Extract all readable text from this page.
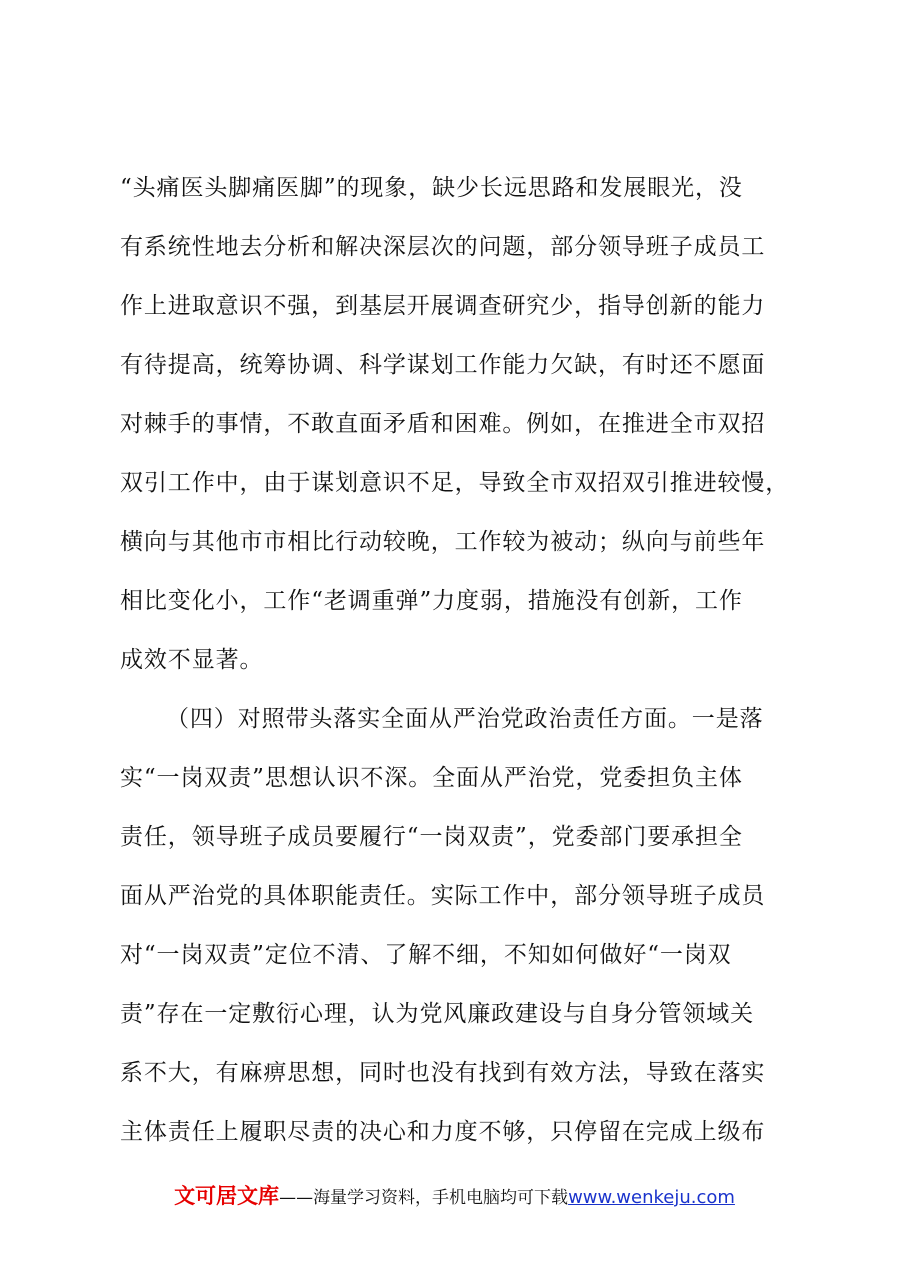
“头痛医头脚痛医脚”的现象，缺少长远思路和发展眼光，没
有系统性地去分析和解决深层次的问题，部分领导班子成员工
作上进取意识不强，到基层开展调查研究少，指导创新的能力
有待提高，统筹协调、科学谋划工作能力欠缺，有时还不愿面
对棘手的事情，不敢直面矛盾和困难。例如，在推进全市双招
双引工作中，由于谋划意识不足，导致全市双招双引推进较慢，
横向与其他市市相比行动较晚，工作较为被动；纵向与前些年
相比变化小，工作“老调重弹”力度弱，措施没有创新，工作
成效不显著。
（四）对照带头落实全面从严治党政治责任方面。一是落
实“一岗双责”思想认识不深。全面从严治党，党委担负主体
责任，领导班子成员要履行“一岗双责”，党委部门要承担全
面从严治党的具体职能责任。实际工作中，部分领导班子成员
对“一岗双责”定位不清、了解不细，不知如何做好“一岗双
责”存在一定敷衍心理，认为党风廉政建设与自身分管领域关
系不大，有麻痹思想，同时也没有找到有效方法，导致在落实
主体责任上履职尽责的决心和力度不够，只停留在完成上级布
文可居文库——海量学习资料，手机电脑均可下载www.wenkeju.com
